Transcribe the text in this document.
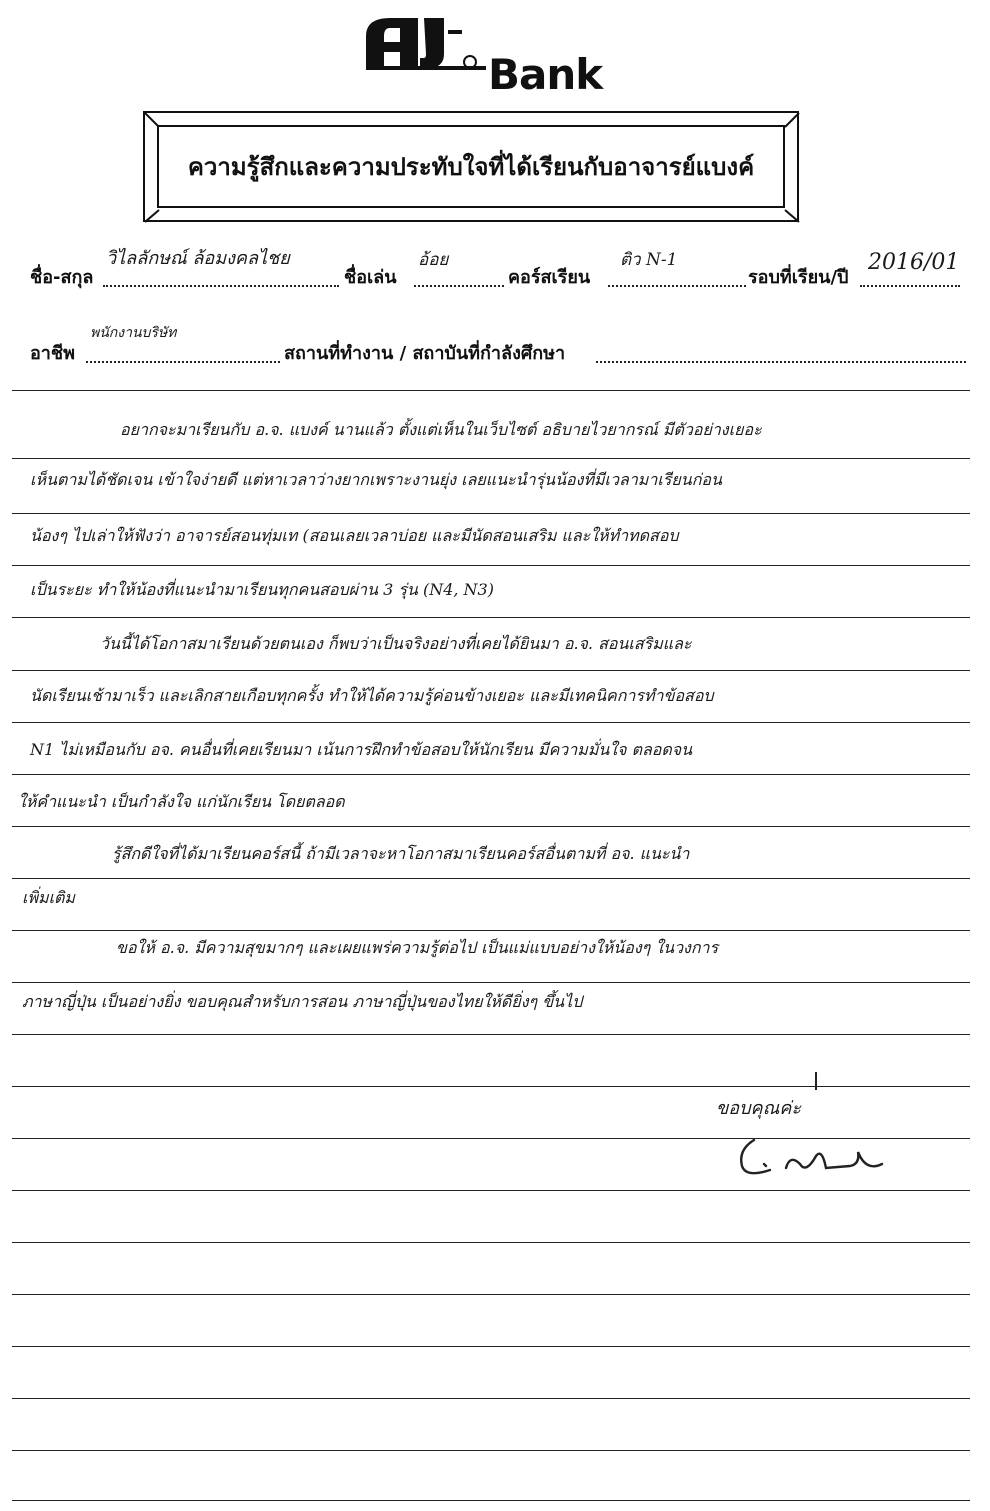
Bank
ความรู้สึกและความประทับใจที่ได้เรียนกับอาจารย์แบงค์
ชื่อ-สกุล
วิไลลักษณ์ ล้อมงคลไชย
ชื่อเล่น
อ้อย
คอร์สเรียน
ติว N-1
รอบที่เรียน/ปี
2016/01
อาชีพ
พนักงานบริษัท
สถานที่ทำงาน / สถาบันที่กำลังศึกษา
อยากจะมาเรียนกับ อ.จ. แบงค์ นานแล้ว ตั้งแต่เห็นในเว็บไซต์ อธิบายไวยากรณ์ มีตัวอย่างเยอะ
เห็นตามได้ชัดเจน เข้าใจง่ายดี แต่หาเวลาว่างยากเพราะงานยุ่ง เลยแนะนำรุ่นน้องที่มีเวลามาเรียนก่อน
น้องๆ ไปเล่าให้ฟังว่า อาจารย์สอนทุ่มเท (สอนเลยเวลาบ่อย และมีนัดสอนเสริม และให้ทำทดสอบ
เป็นระยะ ทำให้น้องที่แนะนำมาเรียนทุกคนสอบผ่าน 3 รุ่น (N4, N3)
วันนี้ได้โอกาสมาเรียนด้วยตนเอง ก็พบว่าเป็นจริงอย่างที่เคยได้ยินมา อ.จ. สอนเสริมและ
นัดเรียนเช้ามาเร็ว และเลิกสายเกือบทุกครั้ง ทำให้ได้ความรู้ค่อนข้างเยอะ และมีเทคนิคการทำข้อสอบ
N1 ไม่เหมือนกับ อจ. คนอื่นที่เคยเรียนมา เน้นการฝึกทำข้อสอบให้นักเรียน มีความมั่นใจ ตลอดจน
ให้คำแนะนำ เป็นกำลังใจ แก่นักเรียน โดยตลอด
รู้สึกดีใจที่ได้มาเรียนคอร์สนี้ ถ้ามีเวลาจะหาโอกาสมาเรียนคอร์สอื่นตามที่ อจ. แนะนำ
เพิ่มเติม
ขอให้ อ.จ. มีความสุขมากๆ และเผยแพร่ความรู้ต่อไป เป็นแม่แบบอย่างให้น้องๆ ในวงการ
ภาษาญี่ปุ่น เป็นอย่างยิ่ง ขอบคุณสำหรับการสอน ภาษาญี่ปุ่นของไทยให้ดียิ่งๆ ขึ้นไป
ขอบคุณค่ะ
